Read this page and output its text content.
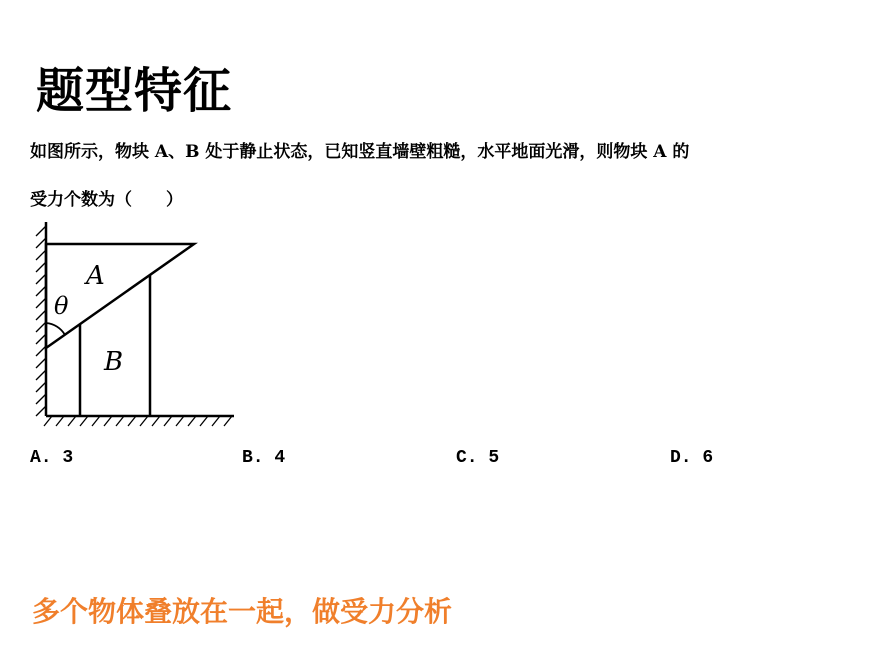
题型特征
如图所示，物块 A、B 处于静止状态，已知竖直墙壁粗糙，水平地面光滑，则物块 A 的
受力个数为（　　）
A
θ
B
A. 3	B. 4	C. 5	D. 6
多个物体叠放在一起，做受力分析
